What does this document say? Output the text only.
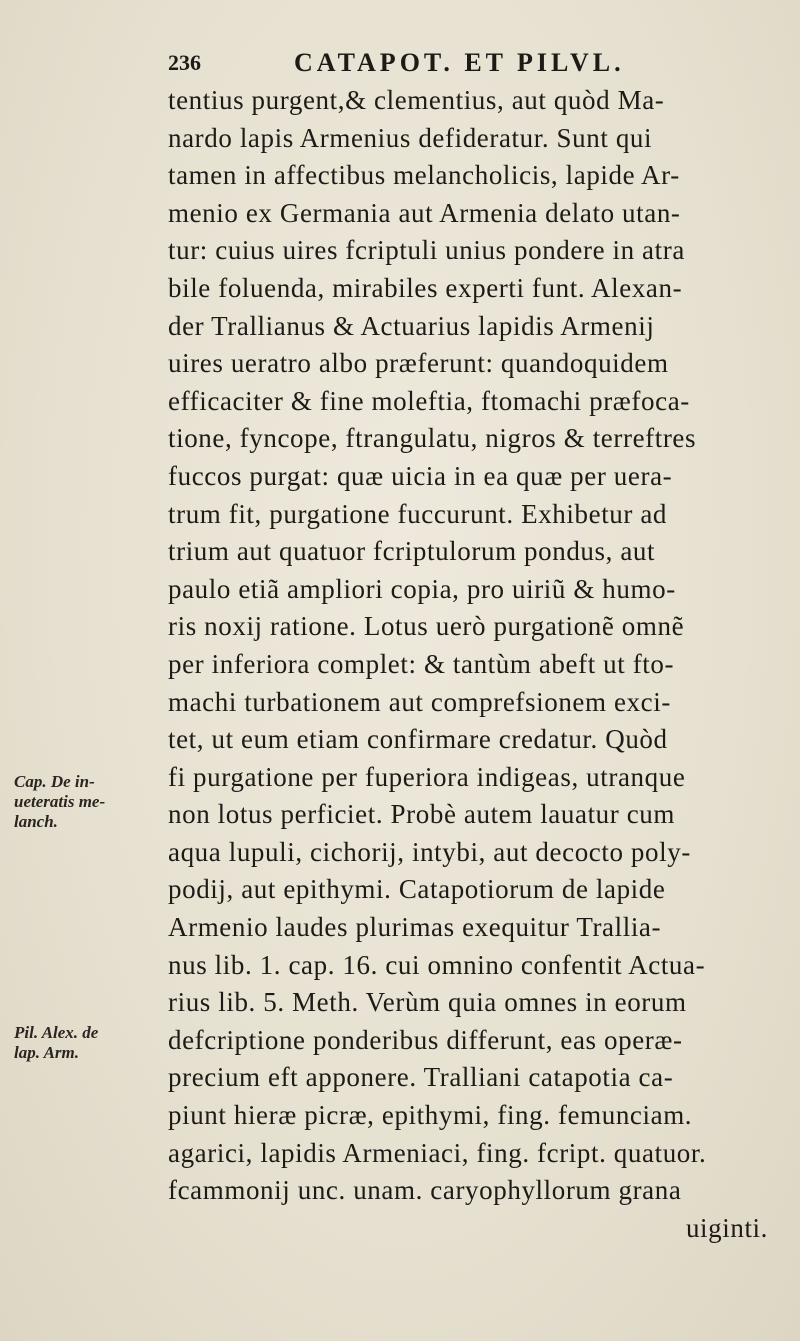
236	CATAPOT. ET PILVL.
tentius purgent,& clementius, aut quòd Ma-
nardo lapis Armenius defideratur. Sunt qui
tamen in affectibus melancholicis, lapide Ar-
menio ex Germania aut Armenia delato utan-
tur: cuius uires fcriptuli unius pondere in atra
bile foluenda, mirabiles experti funt. Alexan-
der Trallianus & Actuarius lapidis Armenij
uires ueratro albo præferunt: quandoquidem
efficaciter & fine moleftia, ftomachi præfoca-
tione, fyncope, ftrangulatu, nigros & terreftres
fuccos purgat: quæ uicia in ea quæ per uera-
trum fit, purgatione fuccurunt. Exhibetur ad
trium aut quatuor fcriptulorum pondus, aut
paulo etiã ampliori copia, pro uiriũ & humo-
ris noxij ratione. Lotus uerò purgationẽ omnẽ
per inferiora complet: & tantùm abeft ut fto-
machi turbationem aut comprefsionem exci-
tet, ut eum etiam confirmare credatur. Quòd
fi purgatione per fuperiora indigeas, utranque
non lotus perficiet. Probè autem lauatur cum
aqua lupuli, cichorij, intybi, aut decocto poly-
podij, aut epithymi. Catapotiorum de lapide
Armenio laudes plurimas exequitur Trallia-
nus lib. 1. cap. 16. cui omnino confentit Actua-
rius lib. 5. Meth. Verùm quia omnes in eorum
defcriptione ponderibus differunt, eas operæ-
precium eft apponere. Tralliani catapotia ca-
piunt hieræ picræ, epithymi, fing. femunciam.
agarici, lapidis Armeniaci, fing. fcript. quatuor.
fcammonij unc. unam. caryophyllorum grana
uiginti.
Cap. De in-
ueteratis me-
lanch.
Pil. Alex. de
lap. Arm.
